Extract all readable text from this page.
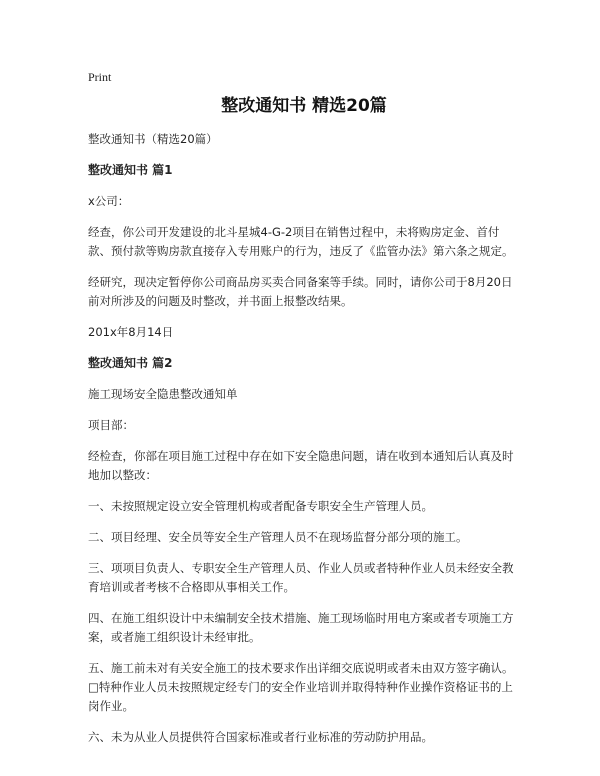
Print
整改通知书 精选20篇

整改通知书（精选20篇）

整改通知书 篇1

x公司：

经查，你公司开发建设的北斗星城4-G-2项目在销售过程中，未将购房定金、首付款、预付款等购房款直接存入专用账户的行为，违反了《监管办法》第六条之规定。

经研究，现决定暂停你公司商品房买卖合同备案等手续。同时，请你公司于8月20日前对所涉及的问题及时整改，并书面上报整改结果。

201x年8月14日

整改通知书 篇2

施工现场安全隐患整改通知单

项目部：

经检查，你部在项目施工过程中存在如下安全隐患问题，请在收到本通知后认真及时地加以整改：

一、未按照规定设立安全管理机构或者配备专职安全生产管理人员。

二、项目经理、安全员等安全生产管理人员不在现场监督分部分项的施工。

三、项项目负责人、专职安全生产管理人员、作业人员或者特种作业人员未经安全教育培训或者考核不合格即从事相关工作。

四、在施工组织设计中未编制安全技术措施、施工现场临时用电方案或者专项施工方案，或者施工组织设计未经审批。

五、施工前未对有关安全施工的技术要求作出详细交底说明或者未由双方签字确认。□特种作业人员未按照规定经专门的安全作业培训并取得特种作业操作资格证书的上岗作业。

六、未为从业人员提供符合国家标准或者行业标准的劳动防护用品。
